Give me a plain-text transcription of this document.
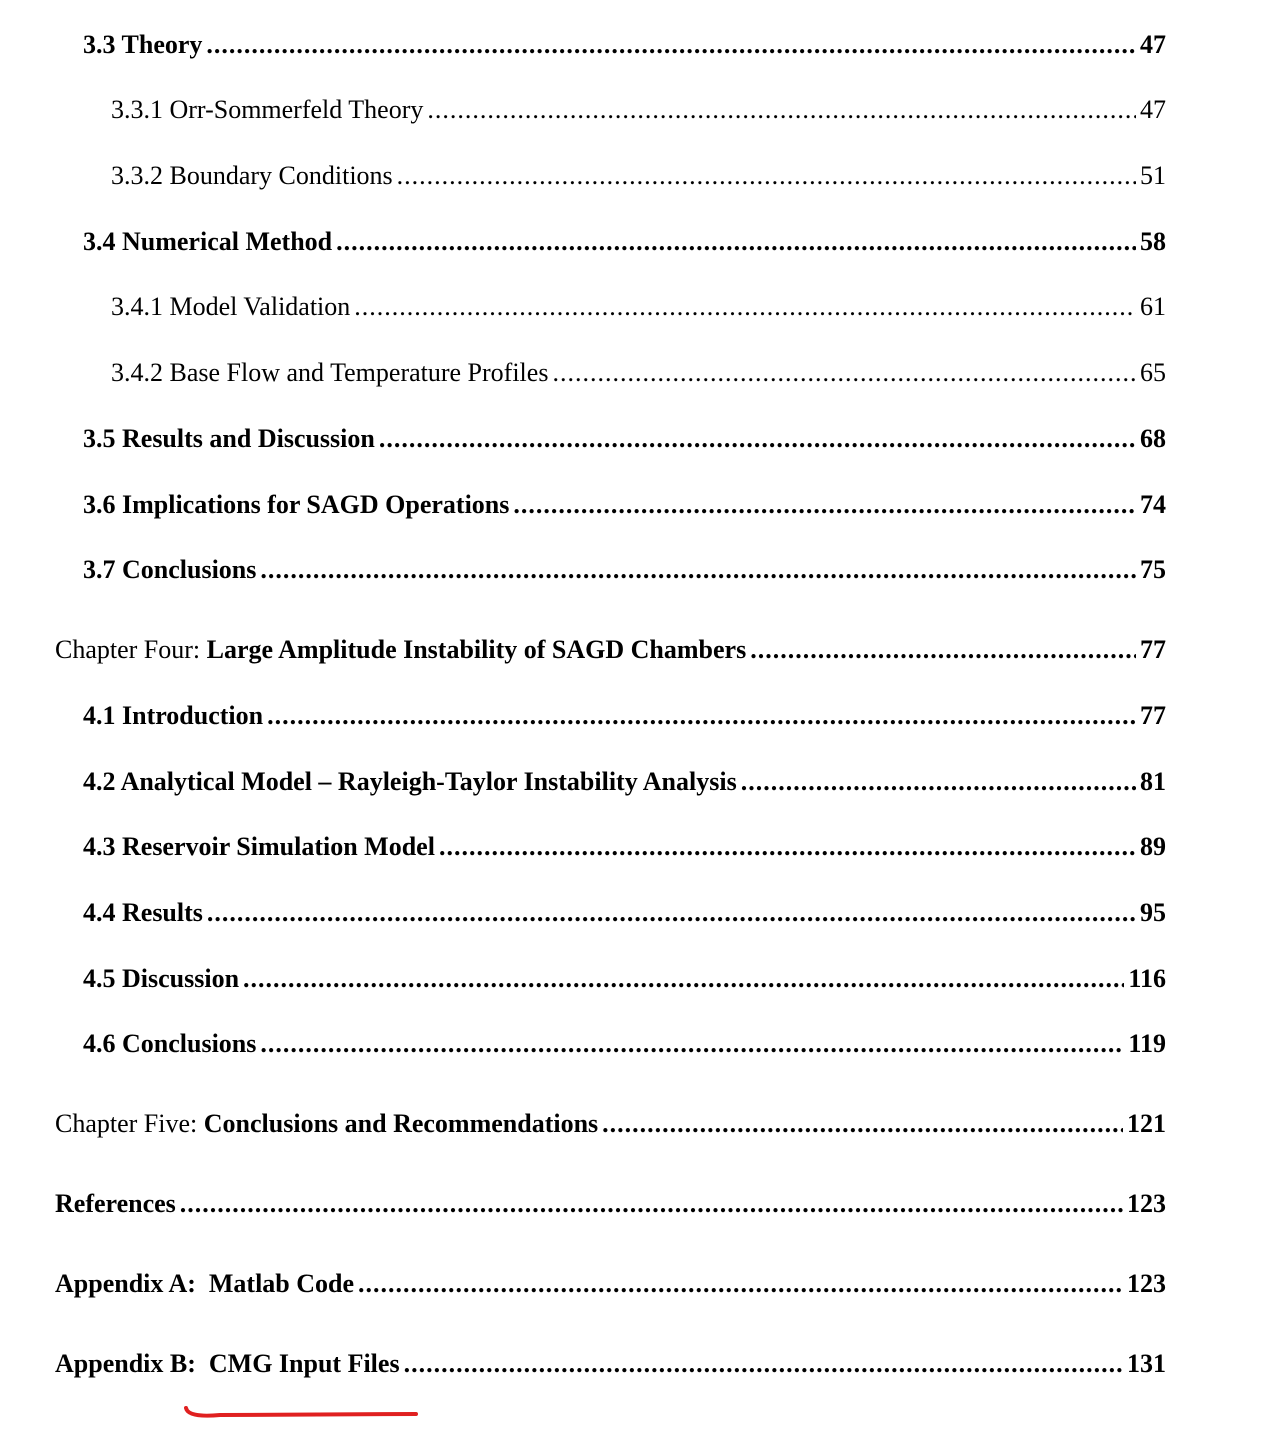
3.3 Theory .....	47
3.3.1 Orr-Sommerfeld Theory .....	47
3.3.2 Boundary Conditions .....	51
3.4 Numerical Method .....	58
3.4.1 Model Validation .....	61
3.4.2 Base Flow and Temperature Profiles .....	65
3.5 Results and Discussion .....	68
3.6 Implications for SAGD Operations .....	74
3.7 Conclusions .....	75
Chapter Four: Large Amplitude Instability of SAGD Chambers .....	77
4.1 Introduction .....	77
4.2 Analytical Model – Rayleigh-Taylor Instability Analysis .....	81
4.3 Reservoir Simulation Model .....	89
4.4 Results .....	95
4.5 Discussion .....	116
4.6 Conclusions .....	119
Chapter Five: Conclusions and Recommendations .....	121
References .....	123
Appendix A:  Matlab Code .....	123
Appendix B:  CMG Input Files .....	131
